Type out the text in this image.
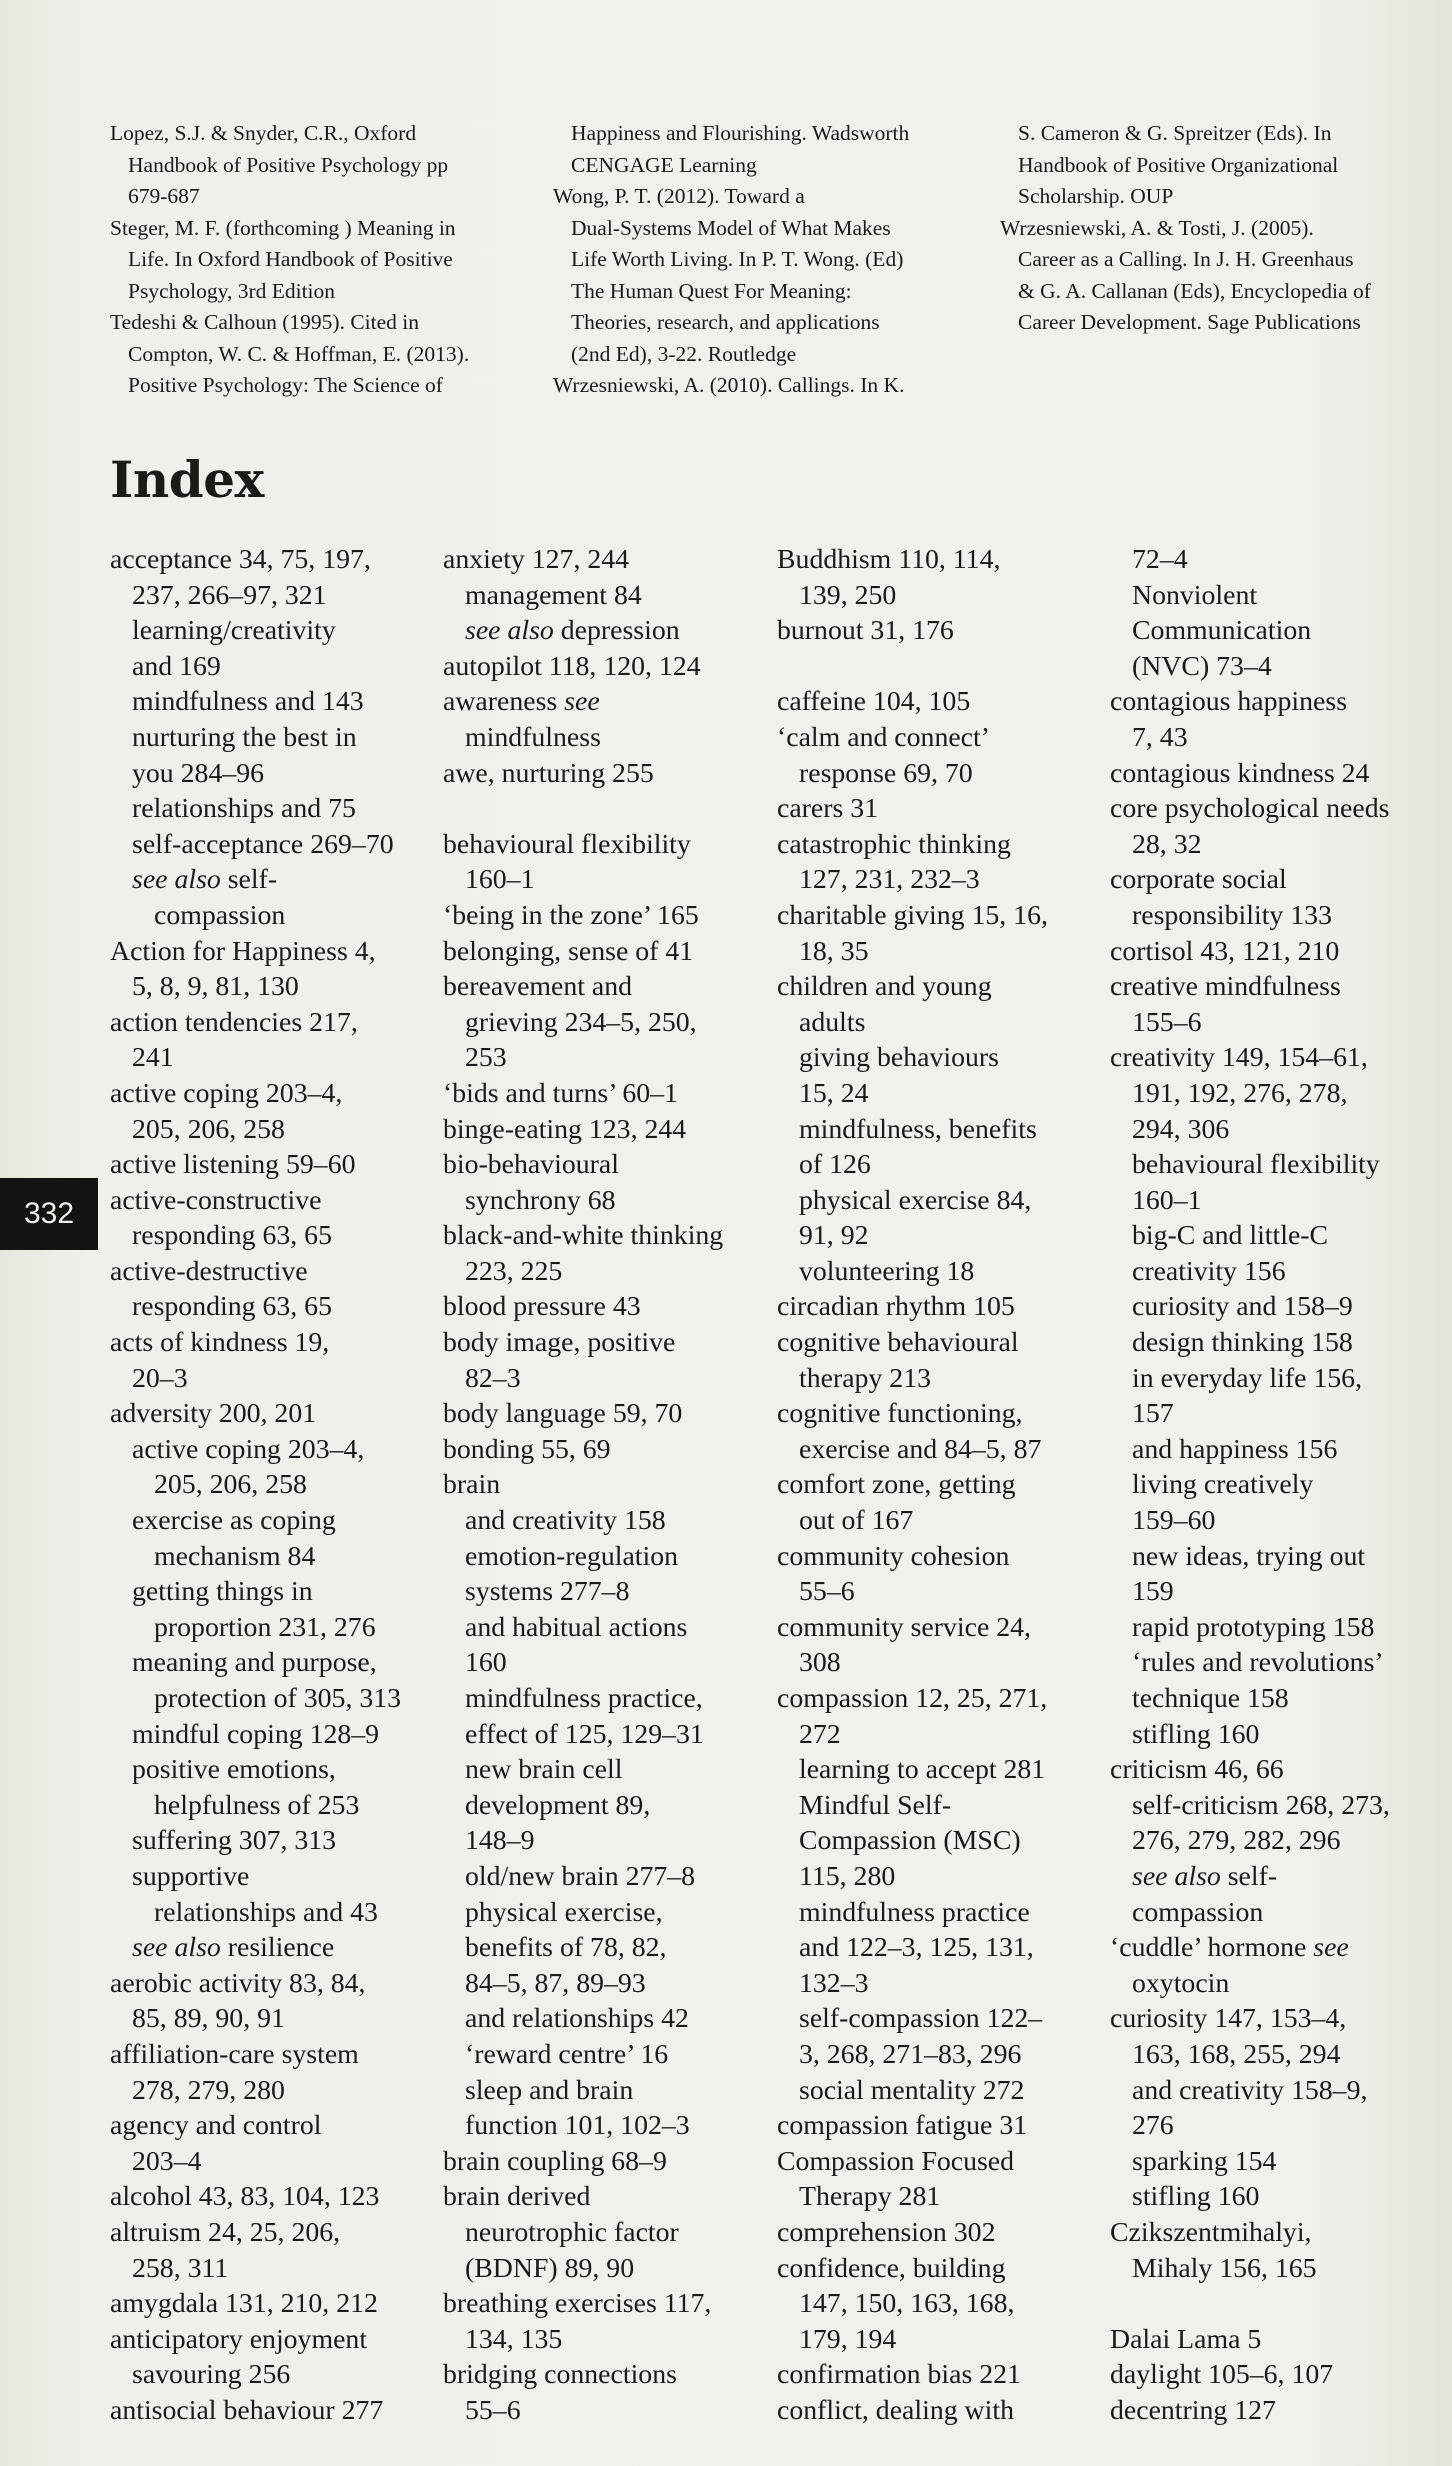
Lopez, S.J. & Snyder, C.R., Oxford
Handbook of Positive Psychology pp
679-687
Steger, M. F. (forthcoming ) Meaning in
Life. In Oxford Handbook of Positive
Psychology, 3rd Edition
Tedeshi & Calhoun (1995). Cited in
Compton, W. C. & Hoffman, E. (2013).
Positive Psychology: The Science of
Happiness and Flourishing. Wadsworth
CENGAGE Learning
Wong, P. T. (2012). Toward a
Dual-Systems Model of What Makes
Life Worth Living. In P. T. Wong. (Ed)
The Human Quest For Meaning:
Theories, research, and applications
(2nd Ed), 3-22. Routledge
Wrzesniewski, A. (2010). Callings. In K.
S. Cameron & G. Spreitzer (Eds). In
Handbook of Positive Organizational
Scholarship. OUP
Wrzesniewski, A. & Tosti, J. (2005).
Career as a Calling. In J. H. Greenhaus
& G. A. Callanan (Eds), Encyclopedia of
Career Development. Sage Publications
Index
acceptance 34, 75, 197,
237, 266–97, 321
learning/creativity
and 169
mindfulness and 143
nurturing the best in
you 284–96
relationships and 75
self-acceptance 269–70
see also self-
compassion
Action for Happiness 4,
5, 8, 9, 81, 130
action tendencies 217,
241
active coping 203–4,
205, 206, 258
active listening 59–60
active-constructive
responding 63, 65
active-destructive
responding 63, 65
acts of kindness 19,
20–3
adversity 200, 201
active coping 203–4,
205, 206, 258
exercise as coping
mechanism 84
getting things in
proportion 231, 276
meaning and purpose,
protection of 305, 313
mindful coping 128–9
positive emotions,
helpfulness of 253
suffering 307, 313
supportive
relationships and 43
see also resilience
aerobic activity 83, 84,
85, 89, 90, 91
affiliation-care system
278, 279, 280
agency and control
203–4
alcohol 43, 83, 104, 123
altruism 24, 25, 206,
258, 311
amygdala 131, 210, 212
anticipatory enjoyment
savouring 256
antisocial behaviour 277
anxiety 127, 244
management 84
see also depression
autopilot 118, 120, 124
awareness see
mindfulness
awe, nurturing 255
behavioural flexibility
160–1
‘being in the zone’ 165
belonging, sense of 41
bereavement and
grieving 234–5, 250,
253
‘bids and turns’ 60–1
binge-eating 123, 244
bio-behavioural
synchrony 68
black-and-white thinking
223, 225
blood pressure 43
body image, positive
82–3
body language 59, 70
bonding 55, 69
brain
and creativity 158
emotion-regulation
systems 277–8
and habitual actions
160
mindfulness practice,
effect of 125, 129–31
new brain cell
development 89,
148–9
old/new brain 277–8
physical exercise,
benefits of 78, 82,
84–5, 87, 89–93
and relationships 42
‘reward centre’ 16
sleep and brain
function 101, 102–3
brain coupling 68–9
brain derived
neurotrophic factor
(BDNF) 89, 90
breathing exercises 117,
134, 135
bridging connections
55–6
Buddhism 110, 114,
139, 250
burnout 31, 176
caffeine 104, 105
‘calm and connect’
response 69, 70
carers 31
catastrophic thinking
127, 231, 232–3
charitable giving 15, 16,
18, 35
children and young
adults
giving behaviours
15, 24
mindfulness, benefits
of 126
physical exercise 84,
91, 92
volunteering 18
circadian rhythm 105
cognitive behavioural
therapy 213
cognitive functioning,
exercise and 84–5, 87
comfort zone, getting
out of 167
community cohesion
55–6
community service 24,
308
compassion 12, 25, 271,
272
learning to accept 281
Mindful Self-
Compassion (MSC)
115, 280
mindfulness practice
and 122–3, 125, 131,
132–3
self-compassion 122–
3, 268, 271–83, 296
social mentality 272
compassion fatigue 31
Compassion Focused
Therapy 281
comprehension 302
confidence, building
147, 150, 163, 168,
179, 194
confirmation bias 221
conflict, dealing with
72–4
Nonviolent
Communication
(NVC) 73–4
contagious happiness
7, 43
contagious kindness 24
core psychological needs
28, 32
corporate social
responsibility 133
cortisol 43, 121, 210
creative mindfulness
155–6
creativity 149, 154–61,
191, 192, 276, 278,
294, 306
behavioural flexibility
160–1
big-C and little-C
creativity 156
curiosity and 158–9
design thinking 158
in everyday life 156,
157
and happiness 156
living creatively
159–60
new ideas, trying out
159
rapid prototyping 158
‘rules and revolutions’
technique 158
stifling 160
criticism 46, 66
self-criticism 268, 273,
276, 279, 282, 296
see also self-
compassion
‘cuddle’ hormone see
oxytocin
curiosity 147, 153–4,
163, 168, 255, 294
and creativity 158–9,
276
sparking 154
stifling 160
Czikszentmihalyi,
Mihaly 156, 165
Dalai Lama 5
daylight 105–6, 107
decentring 127
332
